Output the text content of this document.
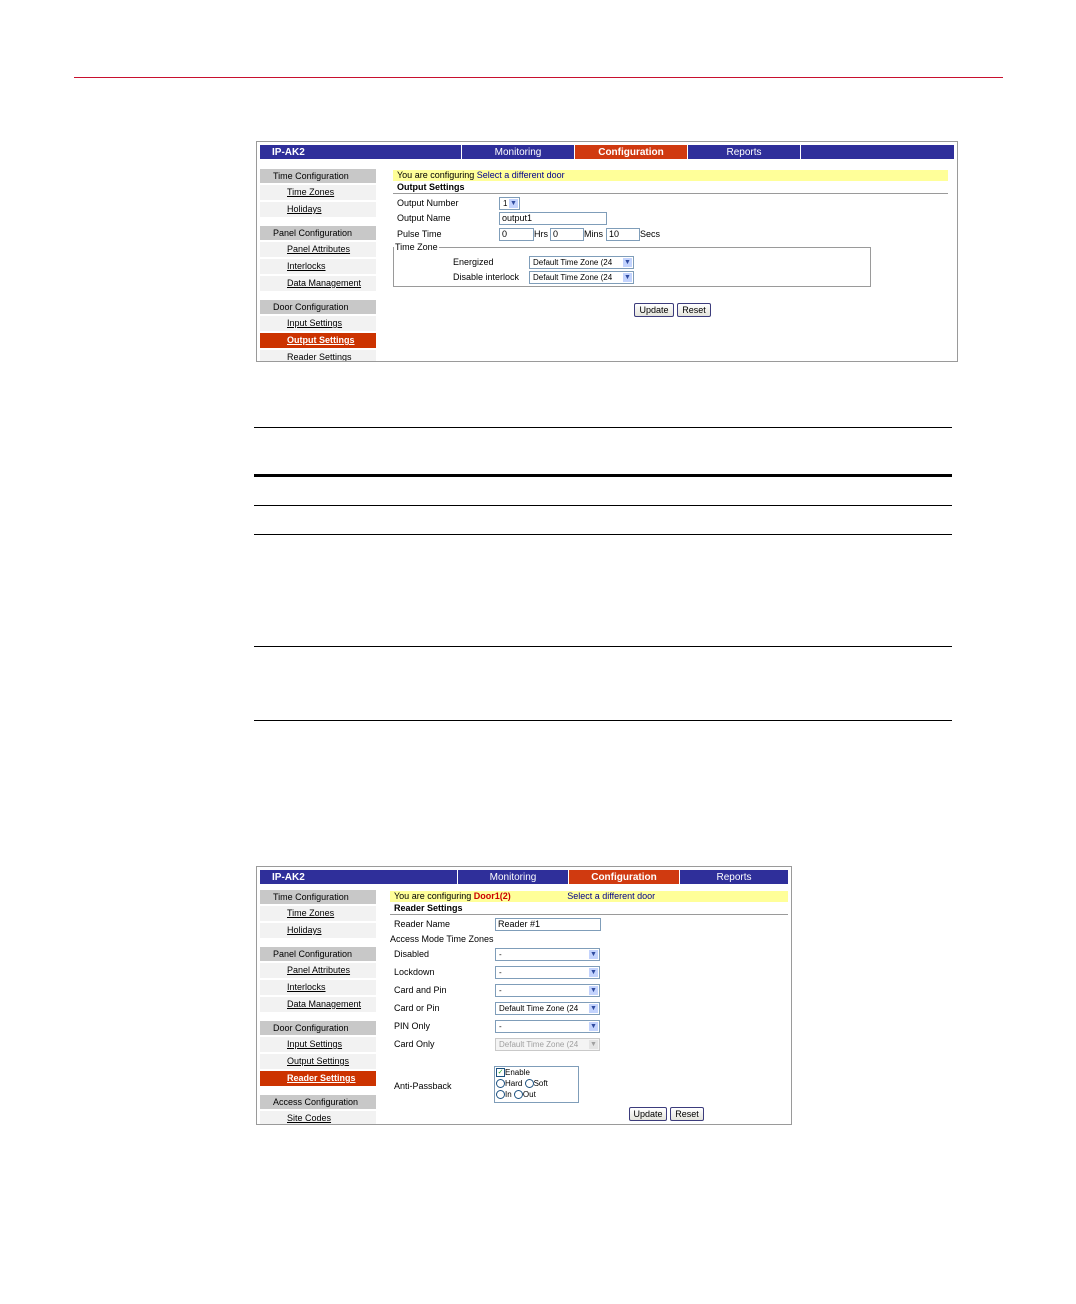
IP-AK2	Monitoring	Configuration	Reports
Time Configuration
Time Zones
Holidays
Panel Configuration
Panel Attributes
Interlocks
Data Management
Door Configuration
Input Settings
Output Settings
Reader Settings
You are configuring Select a different door
Output Settings
Output Number	1 ▼
Output Name	output1
Pulse Time	0	Hrs 0	Mins 10	Secs
Time Zone
Energized	Default Time Zone (24 ▼
Disable interlock	Default Time Zone (24 ▼
Update	Reset
IP-AK2	Monitoring	Configuration	Reports
Time Configuration
Time Zones
Holidays
Panel Configuration
Panel Attributes
Interlocks
Data Management
Door Configuration
Input Settings
Output Settings
Reader Settings
Access Configuration
Site Codes
You are configuring Door1(2)	Select a different door
Reader Settings
Reader Name	Reader #1
Access Mode Time Zones
Disabled	-	▼
Lockdown	-	▼
Card and Pin	-	▼
Card or Pin	Default Time Zone (24 ▼
PIN Only	-	▼
Card Only	Default Time Zone (24 ▼
Anti-Passback
✓ Enable
Hard Soft
In Out
Update	Reset
